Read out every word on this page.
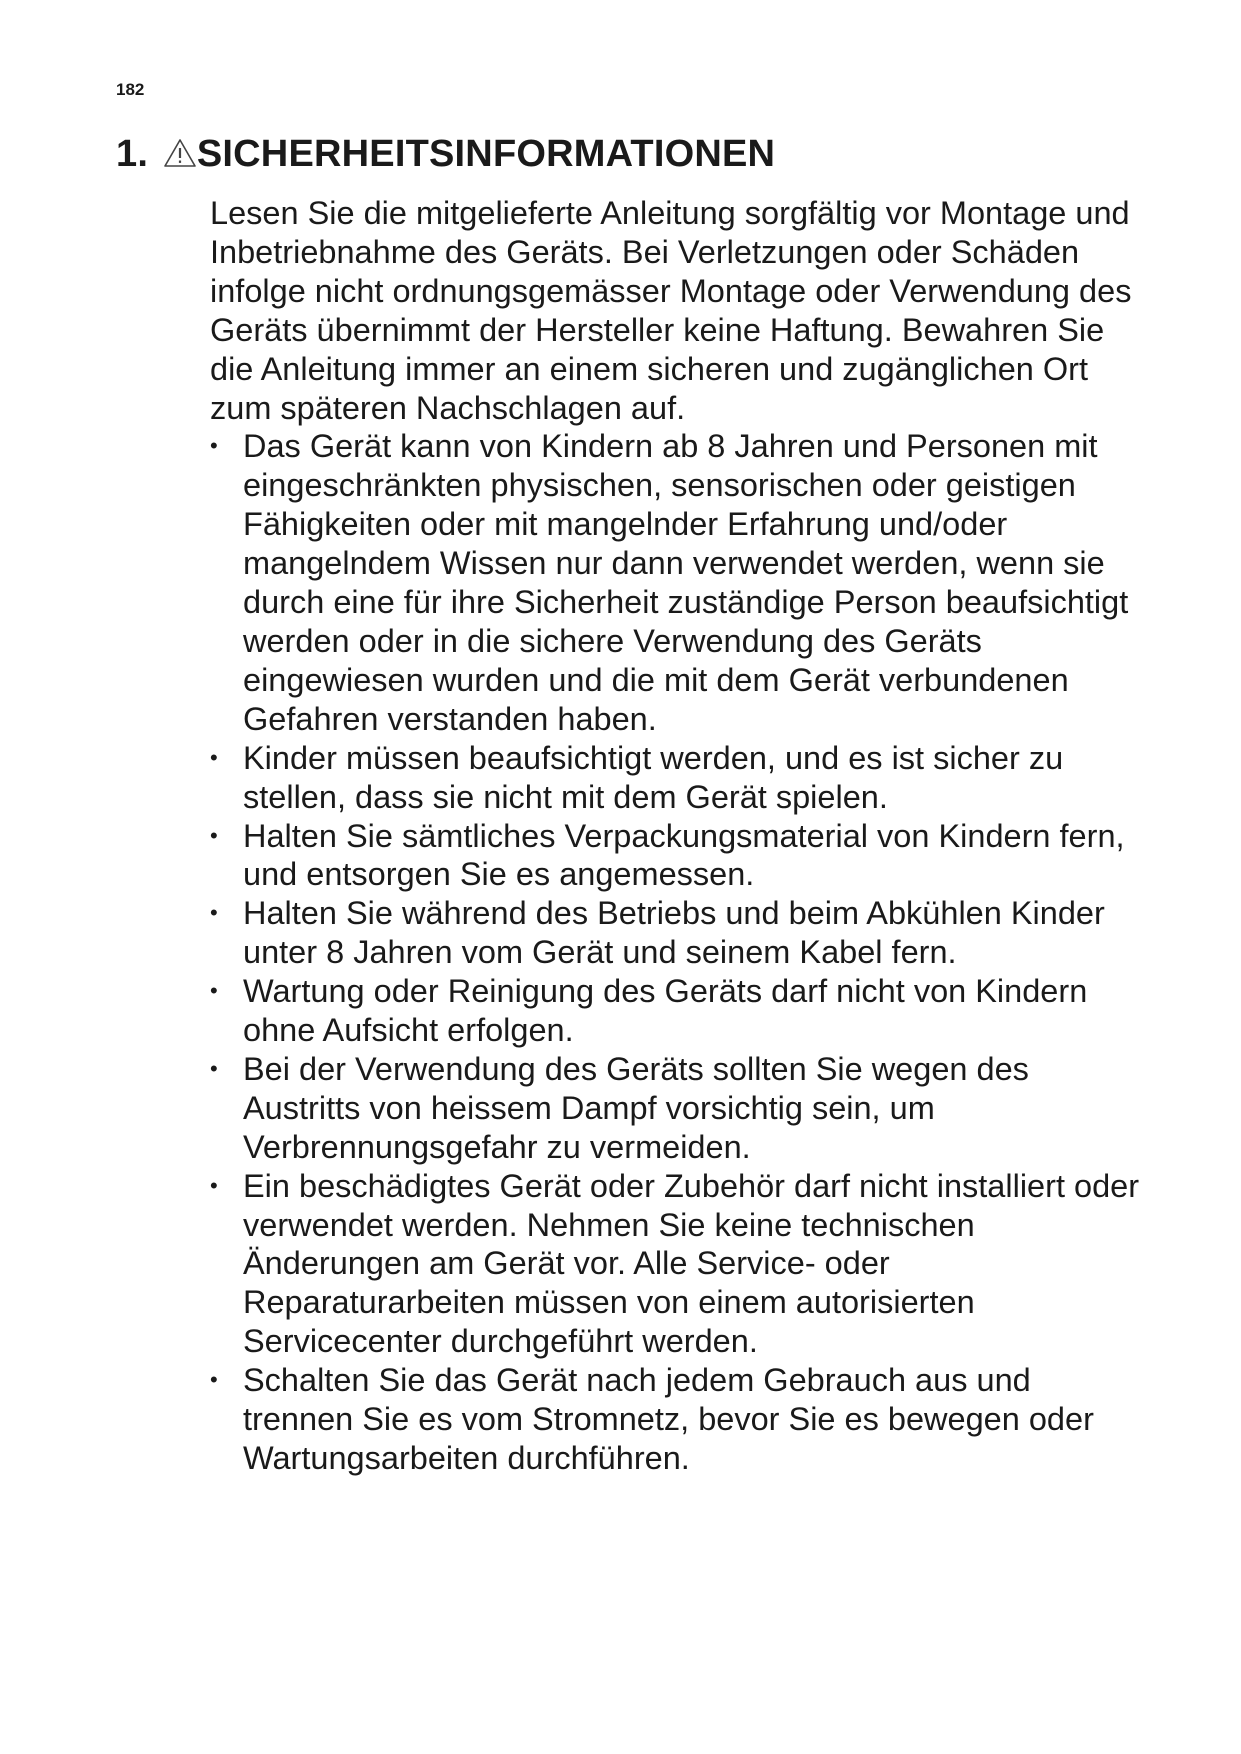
182
1. SICHERHEITSINFORMATIONEN

Lesen Sie die mitgelieferte Anleitung sorgfältig vor Montage und Inbetriebnahme des Geräts. Bei Verletzungen oder Schäden infolge nicht ordnungsgemässer Montage oder Verwendung des Geräts übernimmt der Hersteller keine Haftung. Bewahren Sie die Anleitung immer an einem sicheren und zugänglichen Ort zum späteren Nachschlagen auf.

• Das Gerät kann von Kindern ab 8 Jahren und Personen mit eingeschränkten physischen, sensorischen oder geistigen Fähigkeiten oder mit mangelnder Erfahrung und/oder mangelndem Wissen nur dann verwendet werden, wenn sie durch eine für ihre Sicherheit zuständige Person beaufsichtigt werden oder in die sichere Verwendung des Geräts eingewiesen wurden und die mit dem Gerät verbundenen Gefahren verstanden haben.
• Kinder müssen beaufsichtigt werden, und es ist sicher zu stellen, dass sie nicht mit dem Gerät spielen.
• Halten Sie sämtliches Verpackungsmaterial von Kindern fern, und entsorgen Sie es angemessen.
• Halten Sie während des Betriebs und beim Abkühlen Kinder unter 8 Jahren vom Gerät und seinem Kabel fern.
• Wartung oder Reinigung des Geräts darf nicht von Kindern ohne Aufsicht erfolgen.
• Bei der Verwendung des Geräts sollten Sie wegen des Austritts von heissem Dampf vorsichtig sein, um Verbrennungsgefahr zu vermeiden.
• Ein beschädigtes Gerät oder Zubehör darf nicht installiert oder verwendet werden. Nehmen Sie keine technischen Änderungen am Gerät vor. Alle Service- oder Reparaturarbeiten müssen von einem autorisierten Servicecenter durchgeführt werden.
• Schalten Sie das Gerät nach jedem Gebrauch aus und trennen Sie es vom Stromnetz, bevor Sie es bewegen oder Wartungsarbeiten durchführen.
